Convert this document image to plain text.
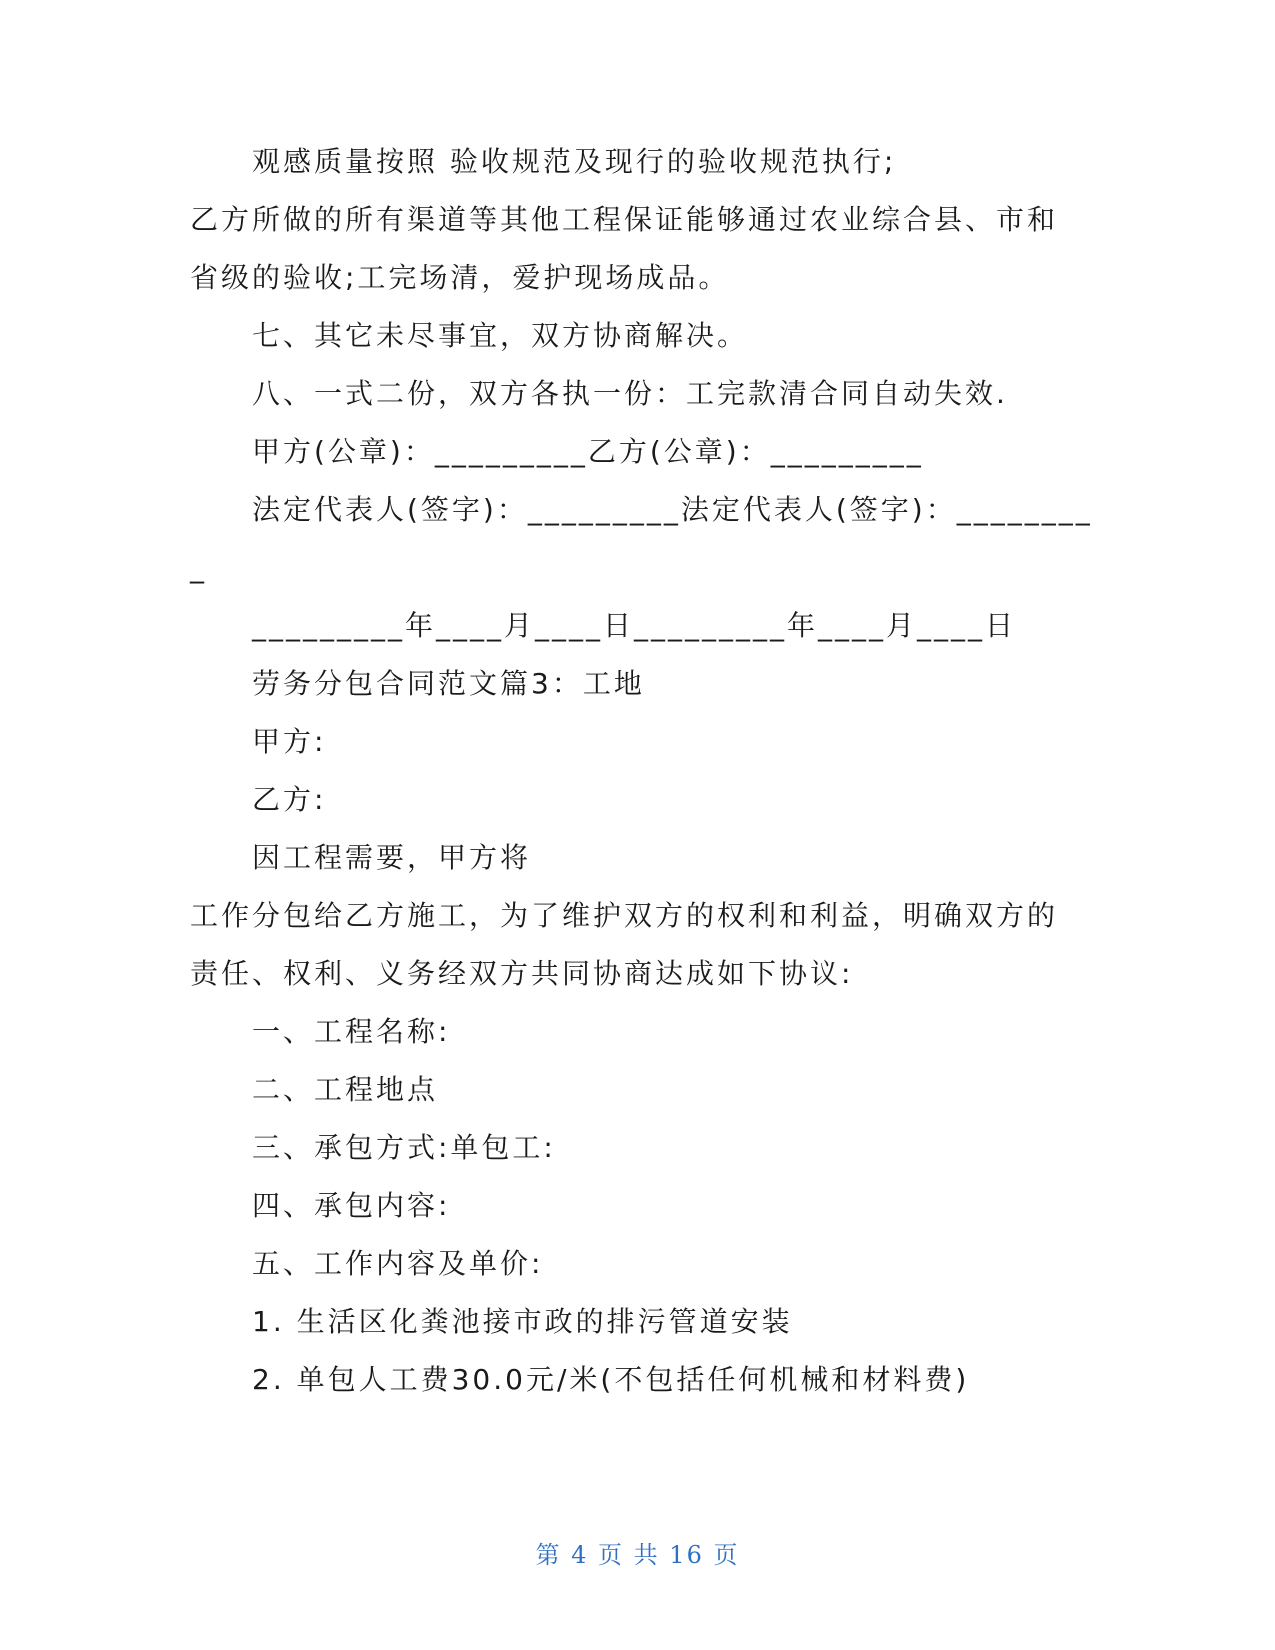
观感质量按照 验收规范及现行的验收规范执行;
乙方所做的所有渠道等其他工程保证能够通过农业综合县、市和
省级的验收;工完场清，爱护现场成品。
七、其它未尽事宜，双方协商解决。
八、一式二份，双方各执一份：工完款清合同自动失效.
甲方(公章)：_________乙方(公章)：_________
法定代表人(签字)：_________法定代表人(签字)：________
_
_________年____月____日_________年____月____日
劳务分包合同范文篇3：工地
甲方:
乙方:
因工程需要，甲方将
工作分包给乙方施工，为了维护双方的权利和利益，明确双方的
责任、权利、义务经双方共同协商达成如下协议:
一、工程名称:
二、工程地点
三、承包方式:单包工:
四、承包内容:
五、工作内容及单价:
1. 生活区化粪池接市政的排污管道安装
2. 单包人工费30.0元/米(不包括任何机械和材料费)
第 4 页 共 16 页
